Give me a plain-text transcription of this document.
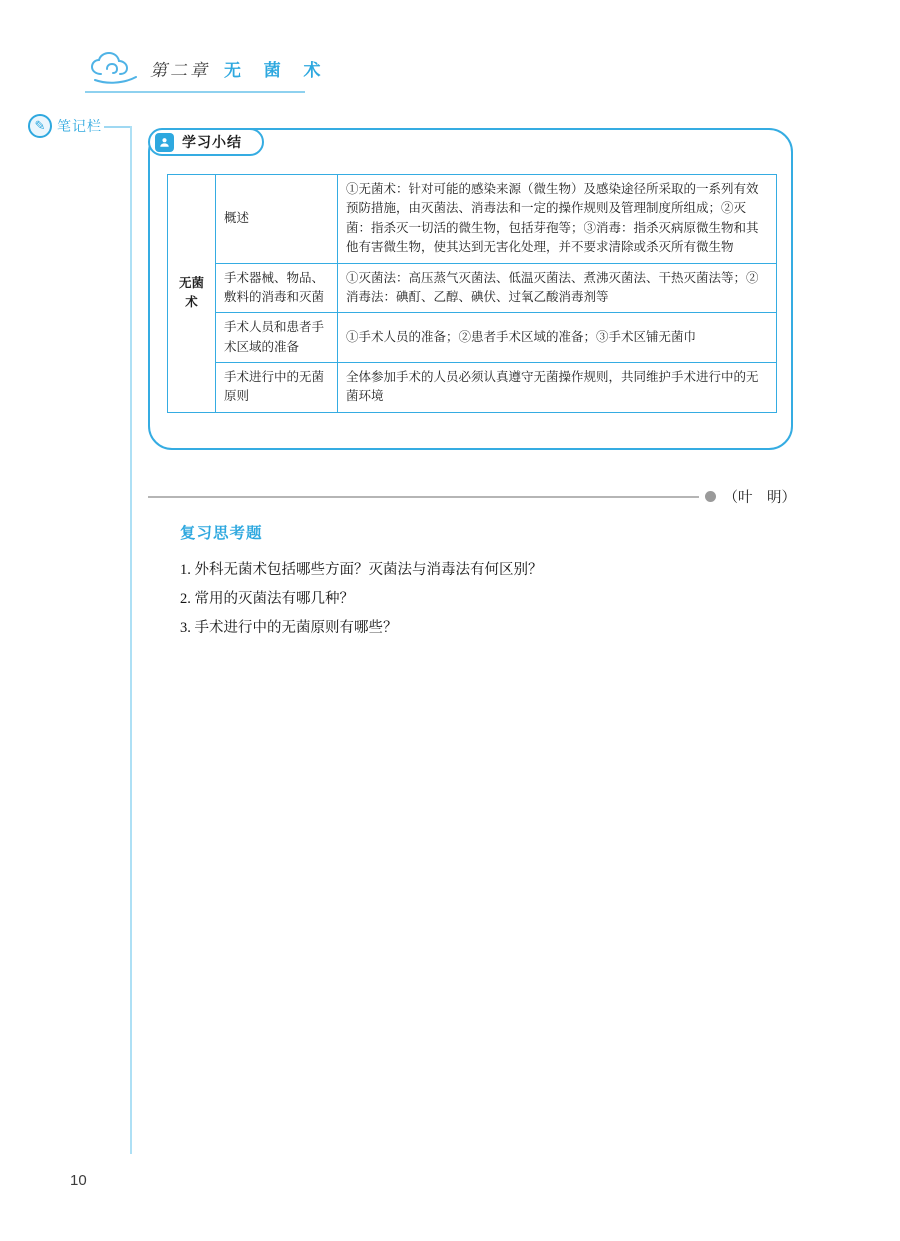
第二章 无 菌 术
✎ 笔记栏
学习小结
无菌术	概述	①无菌术：针对可能的感染来源（微生物）及感染途径所采取的一系列有效预防措施，由灭菌法、消毒法和一定的操作规则及管理制度所组成；②灭菌：指杀灭一切活的微生物，包括芽孢等；③消毒：指杀灭病原微生物和其他有害微生物，使其达到无害化处理，并不要求清除或杀灭所有微生物
	手术器械、物品、敷料的消毒和灭菌	①灭菌法：高压蒸气灭菌法、低温灭菌法、煮沸灭菌法、干热灭菌法等；②消毒法：碘酊、乙醇、碘伏、过氧乙酸消毒剂等
	手术人员和患者手术区域的准备	①手术人员的准备；②患者手术区域的准备；③手术区铺无菌巾
	手术进行中的无菌原则	全体参加手术的人员必须认真遵守无菌操作规则，共同维护手术进行中的无菌环境
（叶　明）
复习思考题
1. 外科无菌术包括哪些方面？灭菌法与消毒法有何区别？
2. 常用的灭菌法有哪几种？
3. 手术进行中的无菌原则有哪些？
10
